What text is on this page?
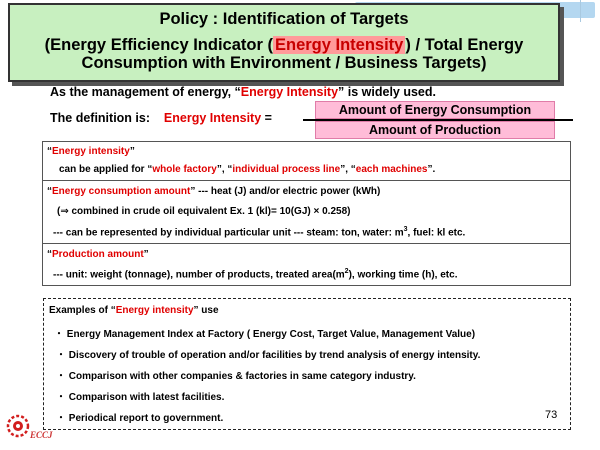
Policy : Identification of Targets
(Energy Efficiency Indicator ( Energy Intensity ) / Total Energy
Consumption with Environment / Business Targets)
As the management of energy, “Energy Intensity” is widely used.
The definition is: Energy Intensity =
Amount of Energy Consumption
Amount of Production
“Energy intensity”
can be applied for “whole factory”, “individual process line”, “each machines”.
“Energy consumption amount” --- heat (J) and/or electric power (kWh)
(⇒ combined in crude oil equivalent Ex. 1 (kl)= 10(GJ) × 0.258)
--- can be represented by individual particular unit --- steam: ton, water: $m^3$, fuel: kl etc.
“Production amount”
--- unit: weight (tonnage), number of products, treated $area(m^2)$, working time (h), etc.
Examples of “Energy intensity” use
・ Energy Management Index at Factory ( Energy Cost, Target Value, Management Value)
・ Discovery of trouble of operation and/or facilities by trend analysis of energy intensity.
・ Comparison with other companies & factories in same category industry.
・ Comparison with latest facilities.
・ Periodical report to government.	73
ECCJ
